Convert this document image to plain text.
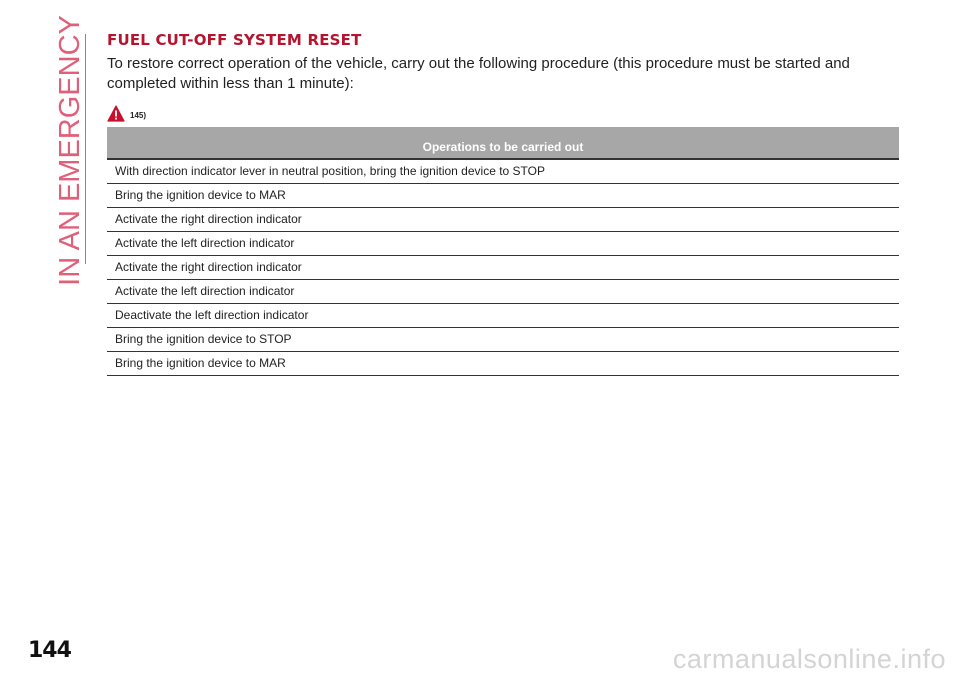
IN AN EMERGENCY FUEL CUT-OFF SYSTEM RESET

To restore correct operation of the vehicle, carry out the following procedure (this procedure must be started and completed within less than 1 minute):

145)
Operations to be carried out
With direction indicator lever in neutral position, bring the ignition device to STOP
Bring the ignition device to MAR
Activate the right direction indicator
Activate the left direction indicator
Activate the right direction indicator
Activate the left direction indicator
Deactivate the left direction indicator
Bring the ignition device to STOP
Bring the ignition device to MAR
144	carmanualsonline.info
